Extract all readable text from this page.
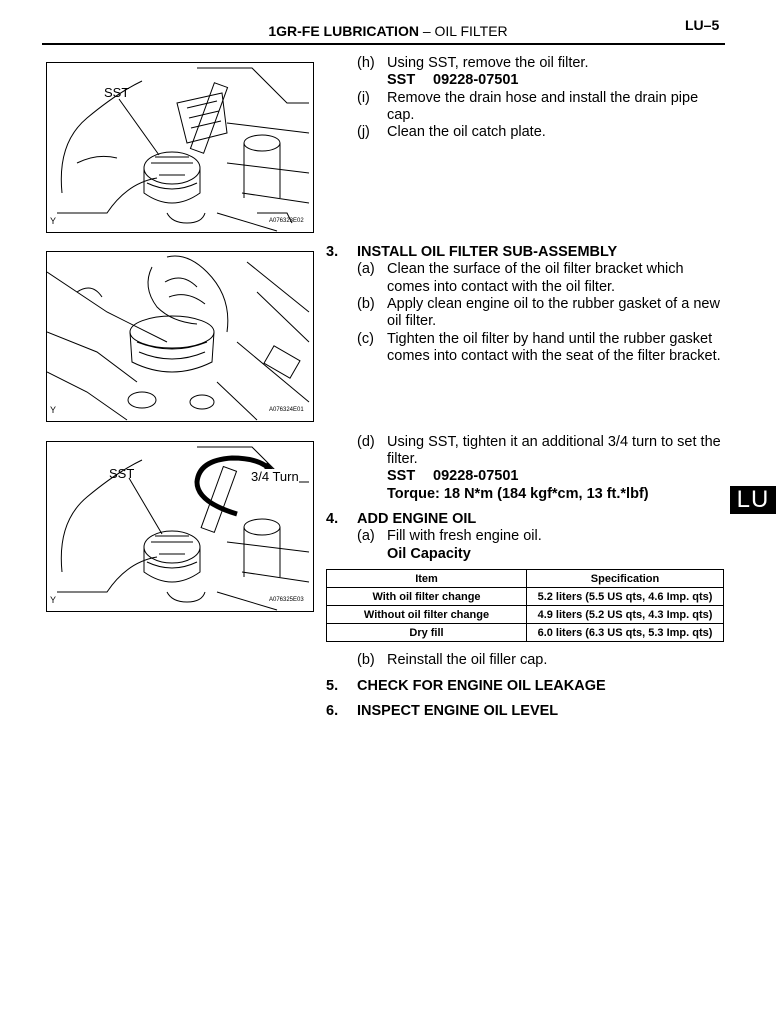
1GR-FE LUBRICATION – OIL FILTER	LU–5
LU
SST
Y	A076323E02
Y	A076324E01
SST	3/4 Turn
Y	A076325E03
(h) Using SST, remove the oil filter.
SST 09228-07501
(i) Remove the drain hose and install the drain pipe
cap.
(j) Clean the oil catch plate.
3. INSTALL OIL FILTER SUB-ASSEMBLY
(a) Clean the surface of the oil filter bracket which
comes into contact with the oil filter.
(b) Apply clean engine oil to the rubber gasket of a new
oil filter.
(c) Tighten the oil filter by hand until the rubber gasket
comes into contact with the seat of the filter bracket.
(d) Using SST, tighten it an additional 3/4 turn to set the
filter.
SST 09228-07501
Torque: 18 N*m (184 kgf*cm, 13 ft.*lbf)
4. ADD ENGINE OIL
(a) Fill with fresh engine oil.
Oil Capacity
Item	Specification
With oil filter change	5.2 liters (5.5 US qts, 4.6 Imp. qts)
Without oil filter change	4.9 liters (5.2 US qts, 4.3 Imp. qts)
Dry fill	6.0 liters (6.3 US qts, 5.3 Imp. qts)
(b) Reinstall the oil filler cap.
5. CHECK FOR ENGINE OIL LEAKAGE
6. INSPECT ENGINE OIL LEVEL
